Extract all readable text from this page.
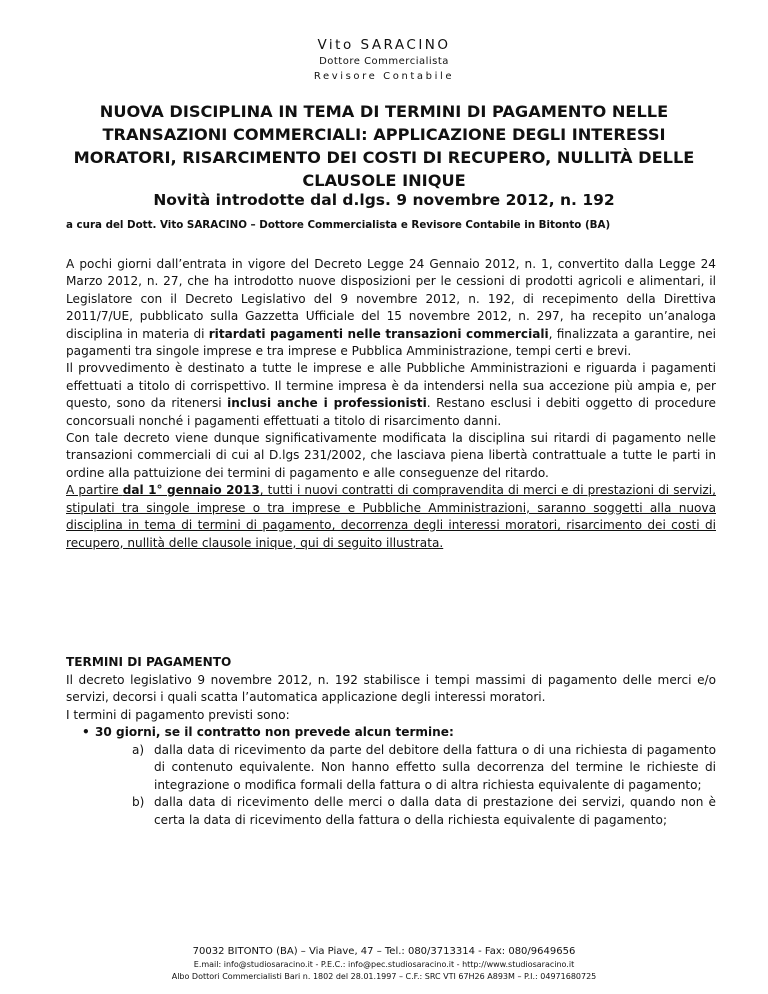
Vito SARACINO
Dottore Commercialista
Revisore Contabile
NUOVA DISCIPLINA IN TEMA DI TERMINI DI PAGAMENTO NELLE TRANSAZIONI COMMERCIALI: APPLICAZIONE DEGLI INTERESSI MORATORI, RISARCIMENTO DEI COSTI DI RECUPERO, NULLITÀ DELLE CLAUSOLE INIQUE
Novità introdotte dal d.lgs. 9 novembre 2012, n. 192
a cura del Dott. Vito SARACINO – Dottore Commercialista e Revisore Contabile in Bitonto (BA)

A pochi giorni dall’entrata in vigore del Decreto Legge 24 Gennaio 2012, n. 1, convertito dalla Legge 24 Marzo 2012, n. 27, che ha introdotto nuove disposizioni per le cessioni di prodotti agricoli e alimentari, il Legislatore con il Decreto Legislativo del 9 novembre 2012, n. 192, di recepimento della Direttiva 2011/7/UE, pubblicato sulla Gazzetta Ufficiale del 15 novembre 2012, n. 297, ha recepito un’analoga disciplina in materia di ritardati pagamenti nelle transazioni commerciali, finalizzata a garantire, nei pagamenti tra singole imprese e tra imprese e Pubblica Amministrazione, tempi certi e brevi.

Il provvedimento è destinato a tutte le imprese e alle Pubbliche Amministrazioni e riguarda i pagamenti effettuati a titolo di corrispettivo. Il termine impresa è da intendersi nella sua accezione più ampia e, per questo, sono da ritenersi inclusi anche i professionisti. Restano esclusi i debiti oggetto di procedure concorsuali nonché i pagamenti effettuati a titolo di risarcimento danni.

Con tale decreto viene dunque significativamente modificata la disciplina sui ritardi di pagamento nelle transazioni commerciali di cui al D.lgs 231/2002, che lasciava piena libertà contrattuale a tutte le parti in ordine alla pattuizione dei termini di pagamento e alle conseguenze del ritardo.

A partire dal 1° gennaio 2013, tutti i nuovi contratti di compravendita di merci e di prestazioni di servizi, stipulati tra singole imprese o tra imprese e Pubbliche Amministrazioni, saranno soggetti alla nuova disciplina in tema di termini di pagamento, decorrenza degli interessi moratori, risarcimento dei costi di recupero, nullità delle clausole inique, qui di seguito illustrata.

TERMINI DI PAGAMENTO

Il decreto legislativo 9 novembre 2012, n. 192 stabilisce i tempi massimi di pagamento delle merci e/o servizi, decorsi i quali scatta l’automatica applicazione degli interessi moratori.

I termini di pagamento previsti sono:

• 30 giorni, se il contratto non prevede alcun termine:

a) dalla data di ricevimento da parte del debitore della fattura o di una richiesta di pagamento di contenuto equivalente. Non hanno effetto sulla decorrenza del termine le richieste di integrazione o modifica formali della fattura o di altra richiesta equivalente di pagamento;

b) dalla data di ricevimento delle merci o dalla data di prestazione dei servizi, quando non è certa la data di ricevimento della fattura o della richiesta equivalente di pagamento;

70032 BITONTO (BA) – Via Piave, 47 – Tel.: 080/3713314 - Fax: 080/9649656
E.mail: info@studiosaracino.it - P.E.C.: info@pec.studiosaracino.it - http://www.studiosaracino.it
Albo Dottori Commercialisti Bari n. 1802 del 28.01.1997 – C.F.: SRC VTI 67H26 A893M – P.I.: 04971680725
